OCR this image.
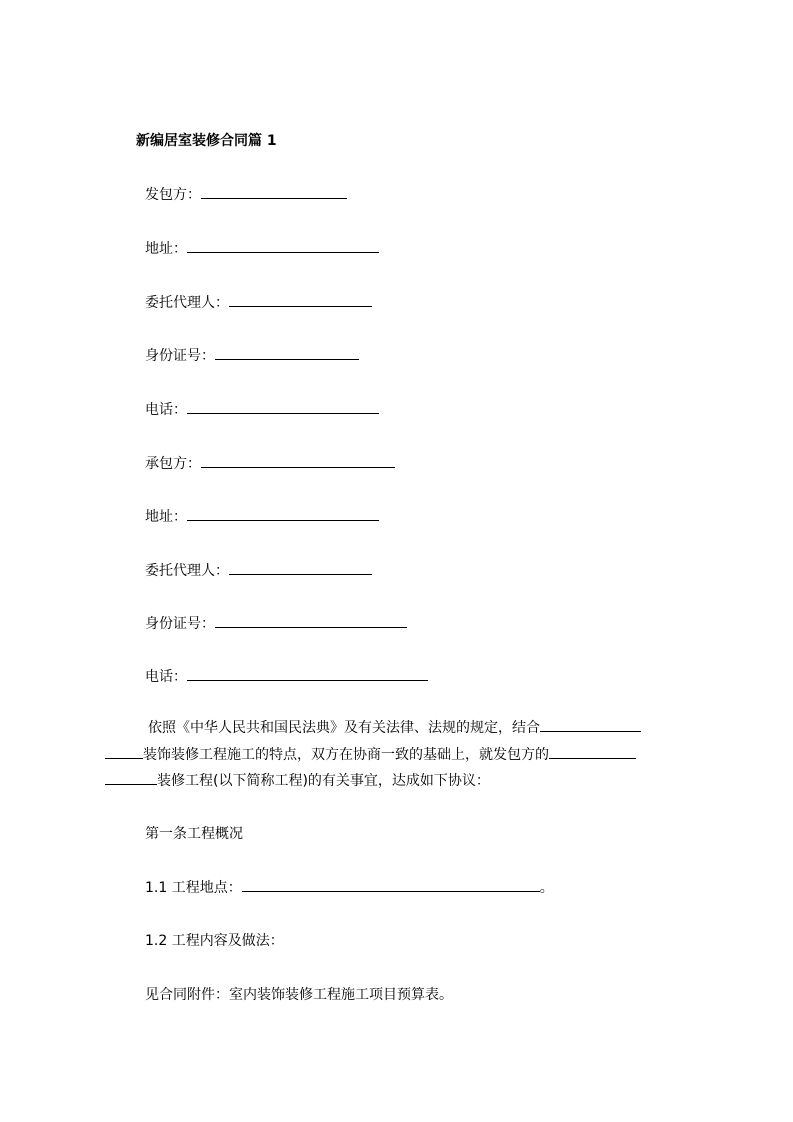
新编居室装修合同篇 1
发包方：
地址：
委托代理人：
身份证号：
电话：
承包方：
地址：
委托代理人：
身份证号：
电话：
依照《中华人民共和国民法典》及有关法律、法规的规定，结合
装饰装修工程施工的特点，双方在协商一致的基础上，就发包方的
装修工程(以下简称工程)的有关事宜，达成如下协议：
第一条工程概况
1.1 工程地点：	。
1.2 工程内容及做法：
见合同附件：室内装饰装修工程施工项目预算表。
